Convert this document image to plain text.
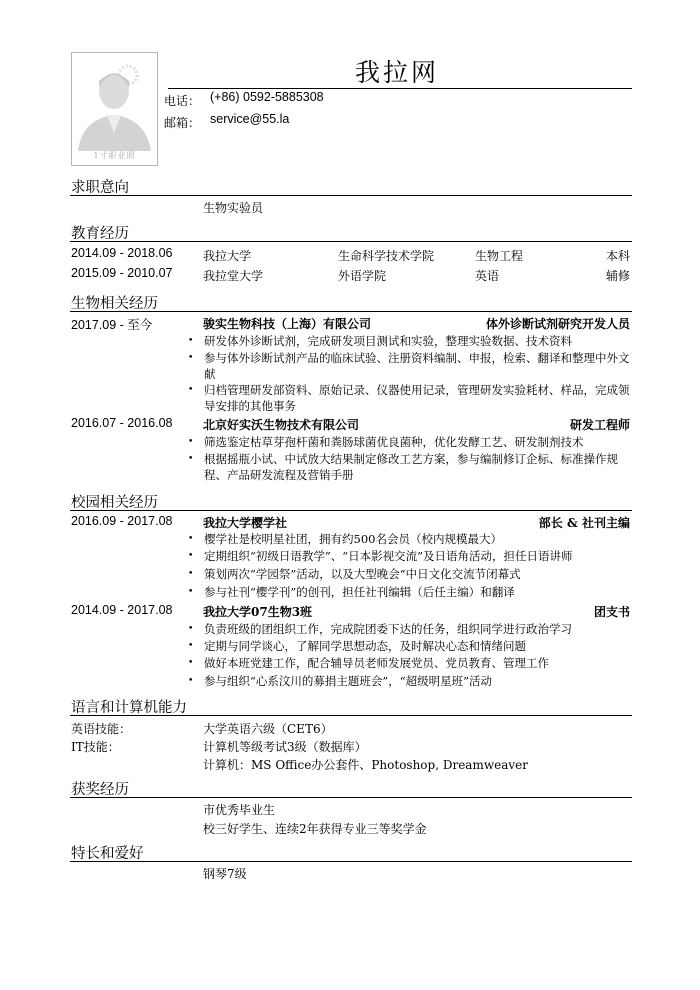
1寸职业照
我拉网
电话： (+86) 0592-5885308
邮箱： service@55.la
求职意向
生物实验员
教育经历
2014.09 - 2018.06	我拉大学	生命科学技术学院	生物工程	本科
2015.09 - 2010.07	我拉堂大学	外语学院	英语	辅修
生物相关经历
2017.09 - 至今	骏实生物科技（上海）有限公司	体外诊断试剂研究开发人员
• 研发体外诊断试剂，完成研发项目测试和实验，整理实验数据、技术资料
• 参与体外诊断试剂产品的临床试验、注册资料编制、申报，检索、翻译和整理中外文献
• 归档管理研发部资料、原始记录、仪器使用记录，管理研发实验耗材、样品，完成领导安排的其他事务
2016.07 - 2016.08	北京好实沃生物技术有限公司	研发工程师
• 筛选鉴定枯草芽孢杆菌和粪肠球菌优良菌种，优化发酵工艺、研发制剂技术
• 根据摇瓶小试、中试放大结果制定修改工艺方案，参与编制修订企标、标准操作规程、产品研发流程及营销手册
校园相关经历
2016.09 - 2017.08	我拉大学樱学社	部长 & 社刊主编
• 樱学社是校明星社团，拥有约500名会员（校内规模最大）
• 定期组织“初级日语教学”、“日本影视交流”及日语角活动，担任日语讲师
• 策划两次“学园祭”活动，以及大型晚会“中日文化交流节闭幕式
• 参与社刊“樱学刊”的创刊，担任社刊编辑（后任主编）和翻译
2014.09 - 2017.08	我拉大学07生物3班	团支书
• 负责班级的团组织工作，完成院团委下达的任务，组织同学进行政治学习
• 定期与同学谈心，了解同学思想动态，及时解决心态和情绪问题
• 做好本班党建工作，配合辅导员老师发展党员、党员教育、管理工作
• 参与组织“心系汶川的募捐主题班会”，“超级明星班”活动
语言和计算机能力
英语技能：	大学英语六级（CET6）
IT技能：	计算机等级考试3级（数据库）
计算机：MS Office办公套件、Photoshop, Dreamweaver
获奖经历
市优秀毕业生
校三好学生、连续2年获得专业三等奖学金
特长和爱好
钢琴7级
